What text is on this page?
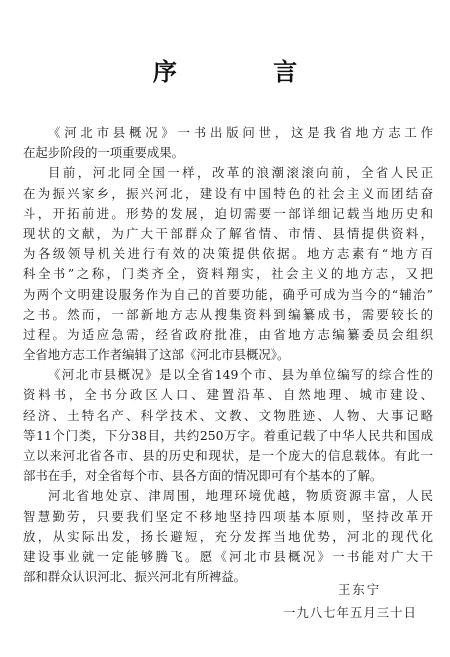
序 言
《河北市县概况》一书出版问世，这是我省地方志工作
在起步阶段的一项重要成果。
目前，河北同全国一样，改革的浪潮滚滚向前，全省人民正
在为振兴家乡，振兴河北，建设有中国特色的社会主义而团结奋
斗，开拓前进。形势的发展，迫切需要一部详细记载当地历史和
现状的文献，为广大干部群众了解省情、市情、县情提供资料，
为各级领导机关进行有效的决策提供依据。地方志素有“地方百
科全书”之称，门类齐全，资料翔实，社会主义的地方志，又把
为两个文明建设服务作为自己的首要功能，确乎可成为当今的“辅治”
之书。然而，一部新地方志从搜集资料到编纂成书，需要较长的
过程。为适应急需，经省政府批准，由省地方志编纂委员会组织
全省地方志工作者编辑了这部《河北市县概况》。
《河北市县概况》是以全省149个市、县为单位编写的综合性的
资料书，全书分政区人口、建置沿革、自然地理、城市建设、
经济、土特名产、科学技术、文教、文物胜迹、人物、大事记略
等11个门类，下分38目，共约250万字。着重记载了中华人民共和国成
立以来河北省各市、县的历史和现状，是一个庞大的信息载体。有此一
部书在手，对全省每个市、县各方面的情况即可有个基本的了解。
河北省地处京、津周围，地理环境优越，物质资源丰富，人民
智慧勤劳，只要我们坚定不移地坚持四项基本原则，坚持改革开
放，从实际出发，扬长避短，充分发挥当地优势，河北的现代化
建设事业就一定能够腾飞。愿《河北市县概况》一书能对广大干
部和群众认识河北、振兴河北有所裨益。
王东宁
一九八七年五月三十日
